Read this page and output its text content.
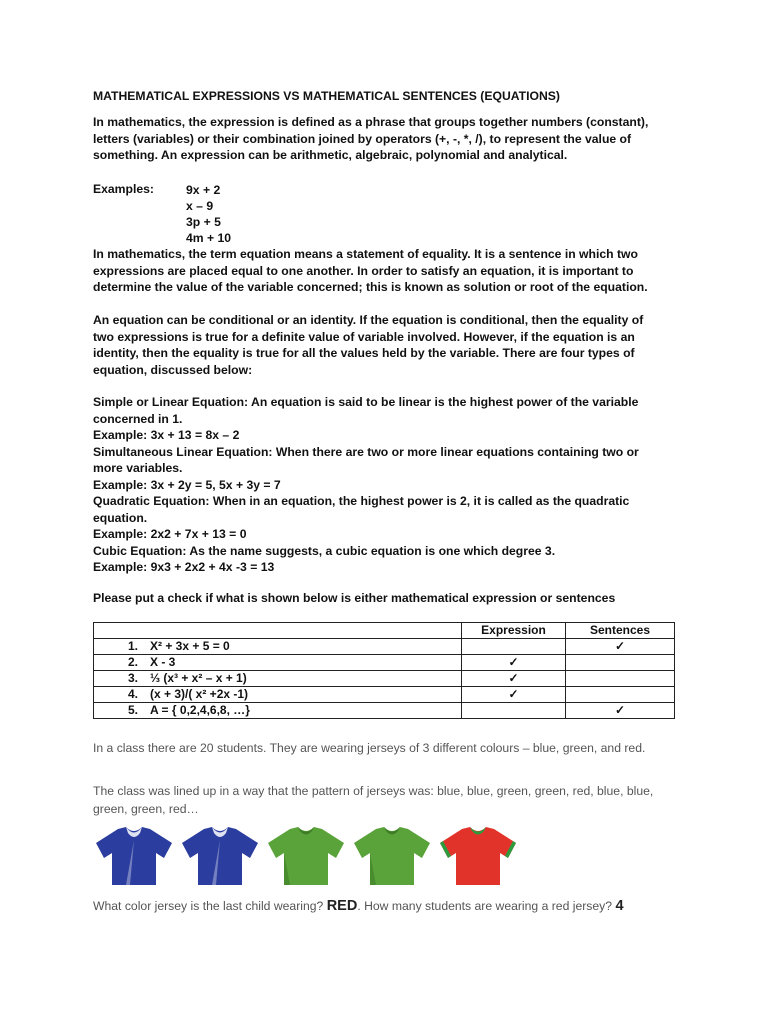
MATHEMATICAL EXPRESSIONS VS MATHEMATICAL SENTENCES (EQUATIONS)
In mathematics, the expression is defined as a phrase that groups together numbers (constant), letters (variables) or their combination joined by operators (+, -, *, /), to represent the value of something. An expression can be arithmetic, algebraic, polynomial and analytical.
Examples:	9x + 2
x – 9
3p + 5
4m + 10
In mathematics, the term equation means a statement of equality. It is a sentence in which two expressions are placed equal to one another. In order to satisfy an equation, it is important to determine the value of the variable concerned; this is known as solution or root of the equation.
An equation can be conditional or an identity. If the equation is conditional, then the equality of two expressions is true for a definite value of variable involved. However, if the equation is an identity, then the equality is true for all the values held by the variable. There are four types of equation, discussed below:
Simple or Linear Equation: An equation is said to be linear is the highest power of the variable concerned in 1.
Example: 3x + 13 = 8x – 2
Simultaneous Linear Equation: When there are two or more linear equations containing two or more variables.
Example: 3x + 2y = 5, 5x + 3y = 7
Quadratic Equation: When in an equation, the highest power is 2, it is called as the quadratic equation.
Example: 2x2 + 7x + 13 = 0
Cubic Equation: As the name suggests, a cubic equation is one which degree 3.
Example: 9x3 + 2x2 + 4x -3 = 13
Please put a check if what is shown below is either mathematical expression or sentences
	Expression	Sentences
1. X² + 3x + 5 = 0		✓
2. X - 3	✓	
3. ⅓ (x³ + x² – x + 1)	✓	
4. (x + 3)/( x² +2x -1)	✓	
5. A = { 0,2,4,6,8, …}		✓
In a class there are 20 students. They are wearing jerseys of 3 different colours – blue, green, and red.
The class was lined up in a way that the pattern of jerseys was: blue, blue, green, green, red, blue, blue, green, green, red…
What color jersey is the last child wearing? RED. How many students are wearing a red jersey? 4
